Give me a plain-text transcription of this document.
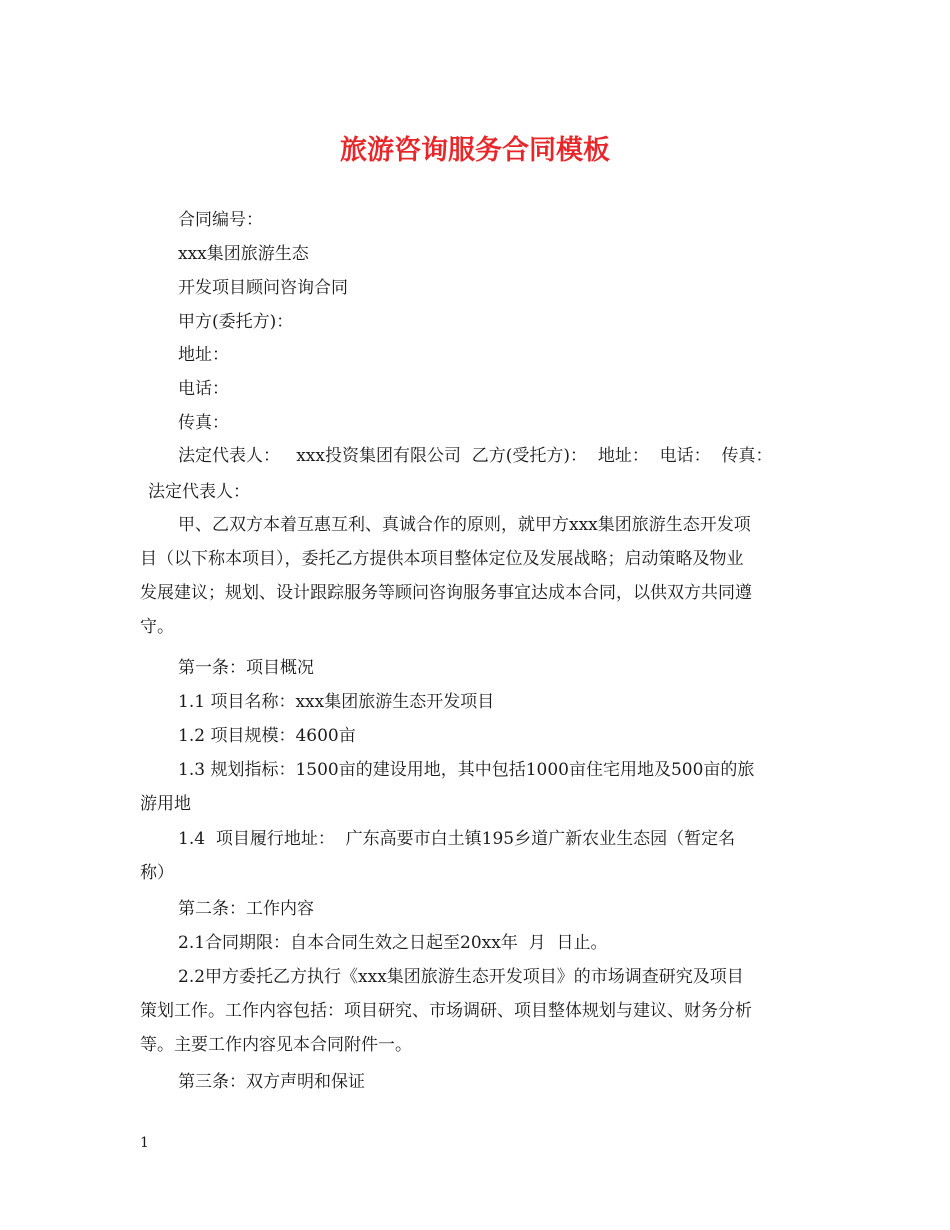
旅游咨询服务合同模板
合同编号：
xxx集团旅游生态
开发项目顾问咨询合同
甲方(委托方)：
地址：
电话：
传真：
法定代表人：   xxx投资集团有限公司  乙方(受托方)：  地址：  电话：  传真：
法定代表人：
甲、乙双方本着互惠互利、真诚合作的原则，就甲方xxx集团旅游生态开发项
目（以下称本项目），委托乙方提供本项目整体定位及发展战略；启动策略及物业
发展建议；规划、设计跟踪服务等顾问咨询服务事宜达成本合同，以供双方共同遵
守。
第一条：项目概况
1.1 项目名称：xxx集团旅游生态开发项目
1.2 项目规模：4600亩
1.3 规划指标：1500亩的建设用地，其中包括1000亩住宅用地及500亩的旅
游用地
1.4  项目履行地址：  广东高要市白土镇195乡道广新农业生态园（暂定名
称）
第二条：工作内容
2.1合同期限：自本合同生效之日起至20xx年  月  日止。
2.2甲方委托乙方执行《xxx集团旅游生态开发项目》的市场调查研究及项目
策划工作。工作内容包括：项目研究、市场调研、项目整体规划与建议、财务分析
等。主要工作内容见本合同附件一。
第三条：双方声明和保证
1
